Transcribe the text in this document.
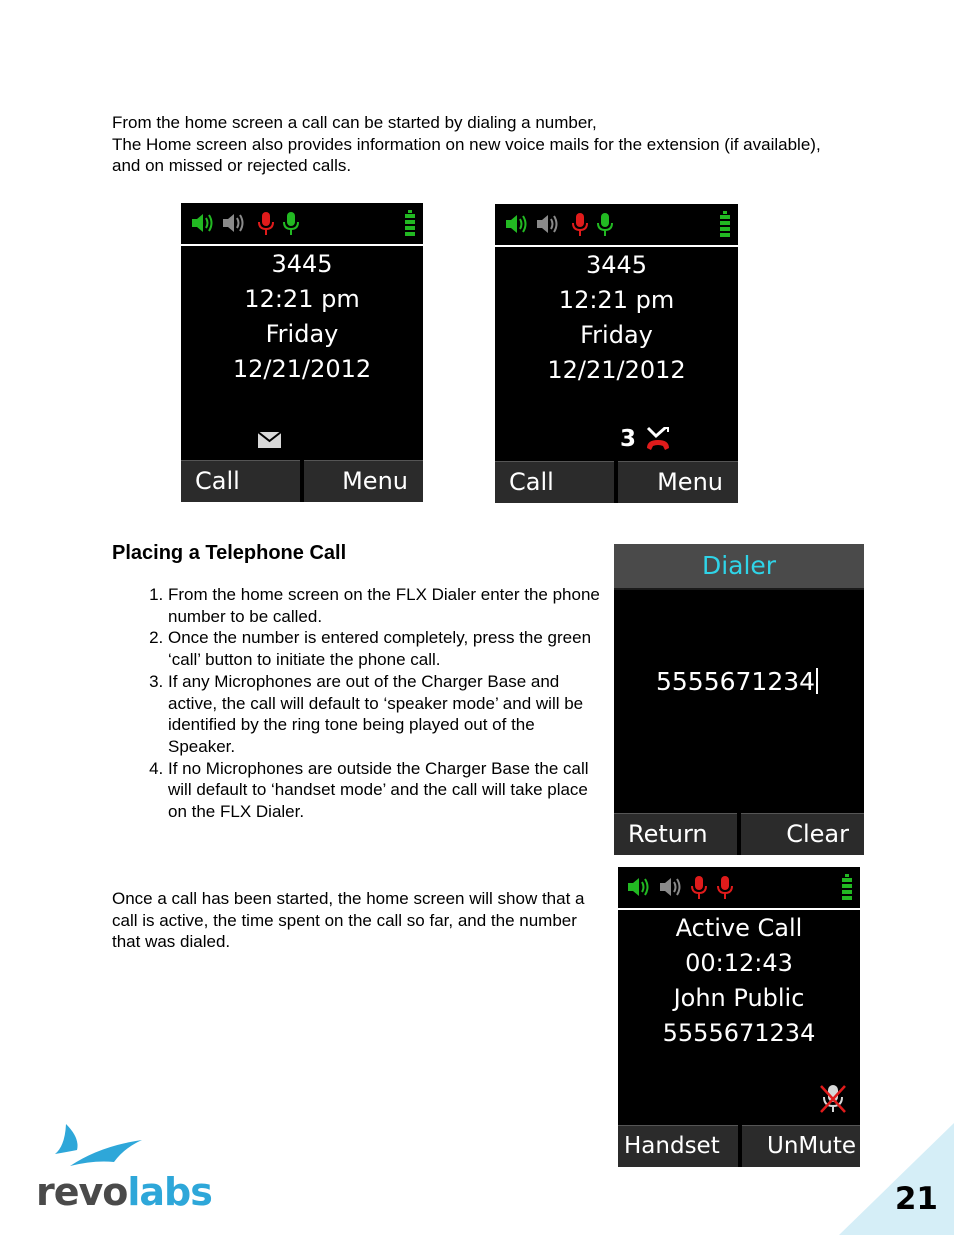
From the home screen a call can be started by dialing a number,

The Home screen also provides information on new voice mails for the extension (if available), and on missed or rejected calls.

3445
12:21 pm
Friday
12/21/2012
Call	Menu
3445
12:21 pm
Friday
12/21/2012
3
Call	Menu
Placing a Telephone Call
1. From the home screen on the FLX Dialer enter the phone number to be called.
2. Once the number is entered completely, press the green ‘call’ button to initiate the phone call.
3. If any Microphones are out of the Charger Base and active, the call will default to ‘speaker mode’ and will be identified by the ring tone being played out of the Speaker.
4. If no Microphones are outside the Charger Base the call will default to ‘handset mode’ and the call will take place on the FLX Dialer.
Dialer
5555671234
Return	Clear

Once a call has been started, the home screen will show that a call is active, the time spent on the call so far, and the number that was dialed.	Active Call
00:12:43
John Public
5555671234
Handset	UnMute
revolabs	21
